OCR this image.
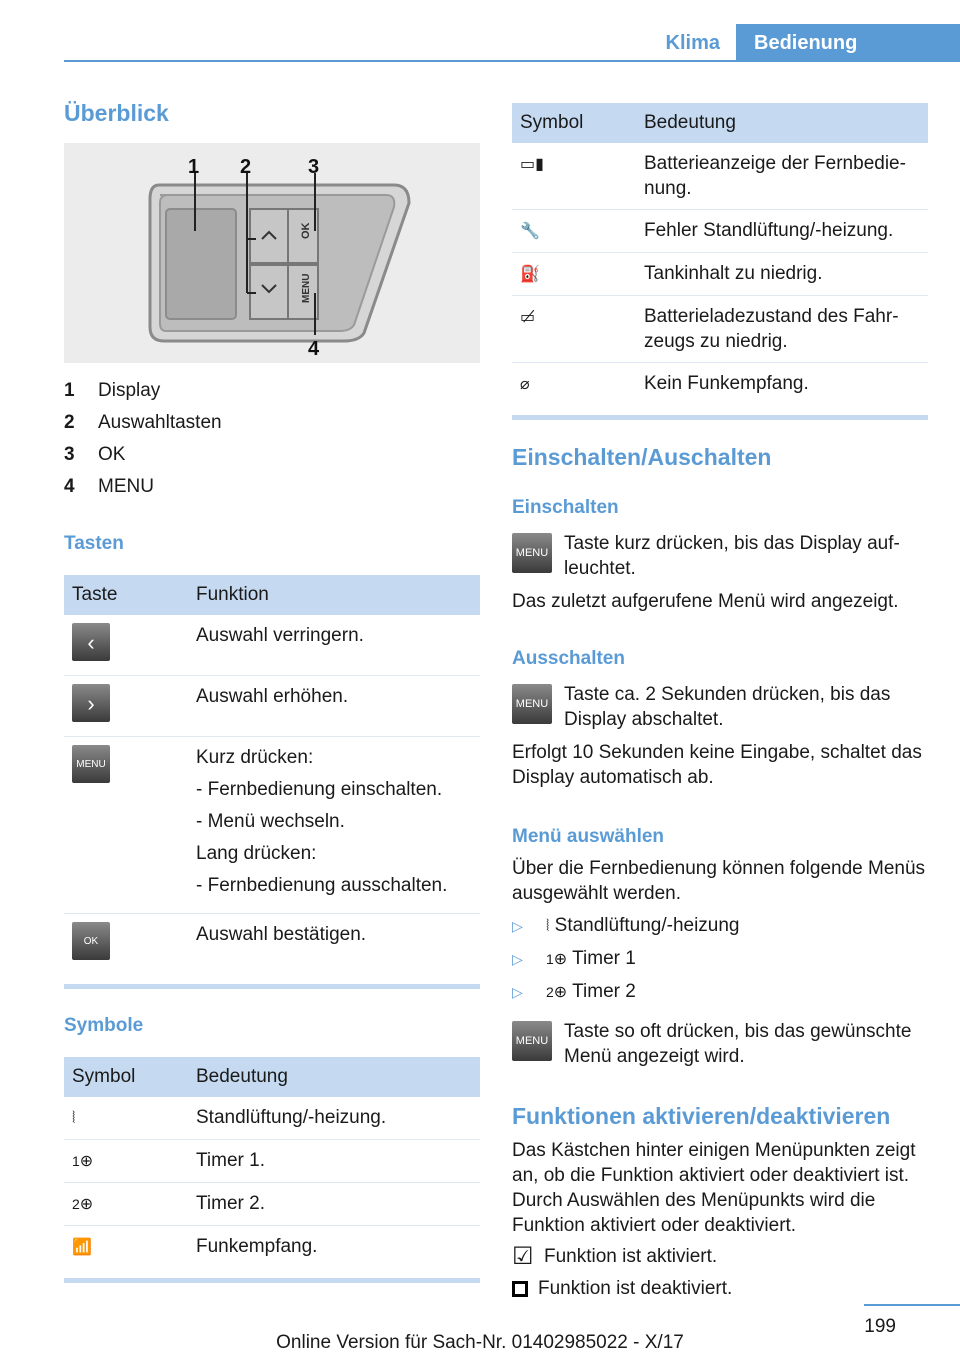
Klima	Bedienung
Überblick
OK
MENU
1 2	3
4
1 Display
2 Auswahltasten
3 OK
4 MENU
Tasten
Taste	Funktion

‹	Auswahl verringern.

›	Auswahl erhöhen.

MENU	Kurz drücken:

- Fernbedienung einschalten.

- Menü wechseln.

Lang drücken:

- Fernbedienung ausschalten.

OK	Auswahl bestätigen.
Symbole
Symbol	Bedeutung
⦚	Standlüftung/-heizung.
1⊕	Timer 1.
2⊕	Timer 2.
📶	Funkempfang.
Symbol	Bedeutung
▭▮	Batterieanzeige der Fernbedienung.
🔧	Fehler Standlüftung/-heizung.
⛽	Tankinhalt zu niedrig.
▭̸	Batterieladezustand des Fahrzeugs zu niedrig.
⌀	Kein Funkempfang.
Einschalten/Auschalten
Einschalten
MENU Taste kurz drücken, bis das Display aufleuchtet.

Das zuletzt aufgerufene Menü wird angezeigt.

Ausschalten
MENU Taste ca. 2 Sekunden drücken, bis das Display abschaltet.

Erfolgt 10 Sekunden keine Eingabe, schaltet das Display automatisch ab.

Menü auswählen

Über die Fernbedienung können folgende Menüs ausgewählt werden.

▷ ⦚ Standlüftung/-heizung
▷ 1⊕ Timer 1
▷ 2⊕ Timer 2
MENU Taste so oft drücken, bis das gewünschte Menü angezeigt wird.
Funktionen aktivieren/deaktivieren

Das Kästchen hinter einigen Menüpunkten zeigt an, ob die Funktion aktiviert oder deaktiviert ist. Durch Auswählen des Menüpunkts wird die Funktion aktiviert oder deaktiviert.

☑ Funktion ist aktiviert.

Funktion ist deaktiviert.

199
Online Version für Sach-Nr. 01402985022 - X/17
